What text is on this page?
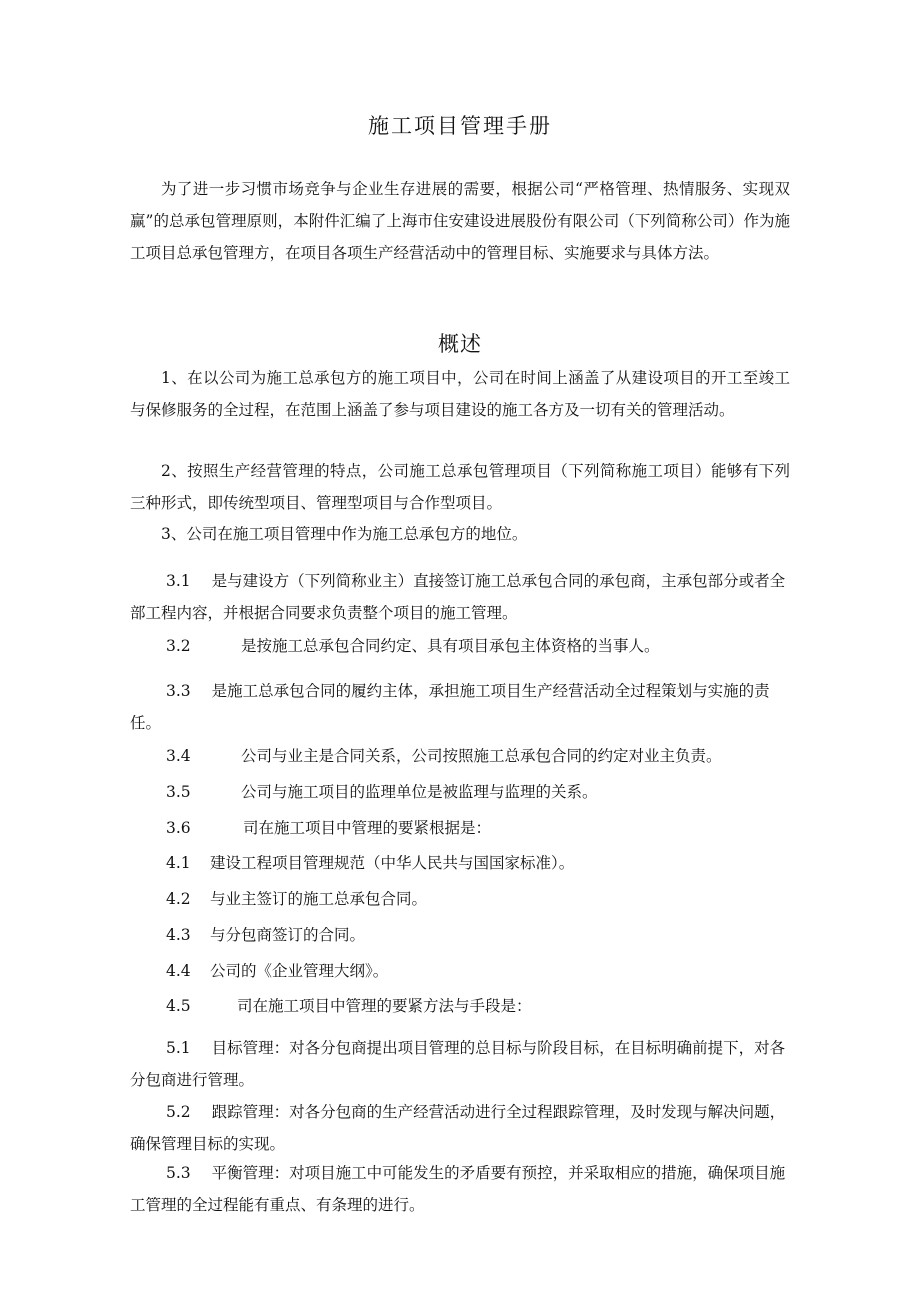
施工项目管理手册

为了进一步习惯市场竞争与企业生存进展的需要，根据公司“严格管理、热情服务、实现双赢”的总承包管理原则，本附件汇编了上海市住安建设进展股份有限公司（下列简称公司）作为施工项目总承包管理方，在项目各项生产经营活动中的管理目标、实施要求与具体方法。

概述

1、在以公司为施工总承包方的施工项目中，公司在时间上涵盖了从建设项目的开工至竣工与保修服务的全过程，在范围上涵盖了参与项目建设的施工各方及一切有关的管理活动。

2、按照生产经营管理的特点，公司施工总承包管理项目（下列简称施工项目）能够有下列三种形式，即传统型项目、管理型项目与合作型项目。

3、公司在施工项目管理中作为施工总承包方的地位。

3.1 是与建设方（下列简称业主）直接签订施工总承包合同的承包商，主承包部分或者全部工程内容，并根据合同要求负责整个项目的施工管理。

3.2	是按施工总承包合同约定、具有项目承包主体资格的当事人。

3.3 是施工总承包合同的履约主体，承担施工项目生产经营活动全过程策划与实施的责任。

3.4	公司与业主是合同关系，公司按照施工总承包合同的约定对业主负责。
3.5	公司与施工项目的监理单位是被监理与监理的关系。
3.6	司在施工项目中管理的要紧根据是：
4.1 建设工程项目管理规范（中华人民共与国国家标准）。
4.2 与业主签订的施工总承包合同。
4.3 与分包商签订的合同。
4.4 公司的《企业管理大纲》。
4.5	司在施工项目中管理的要紧方法与手段是：

5.1 目标管理：对各分包商提出项目管理的总目标与阶段目标，在目标明确前提下，对各分包商进行管理。

5.2 跟踪管理：对各分包商的生产经营活动进行全过程跟踪管理，及时发现与解决问题，确保管理目标的实现。

5.3 平衡管理：对项目施工中可能发生的矛盾要有预控，并采取相应的措施，确保项目施工管理的全过程能有重点、有条理的进行。
